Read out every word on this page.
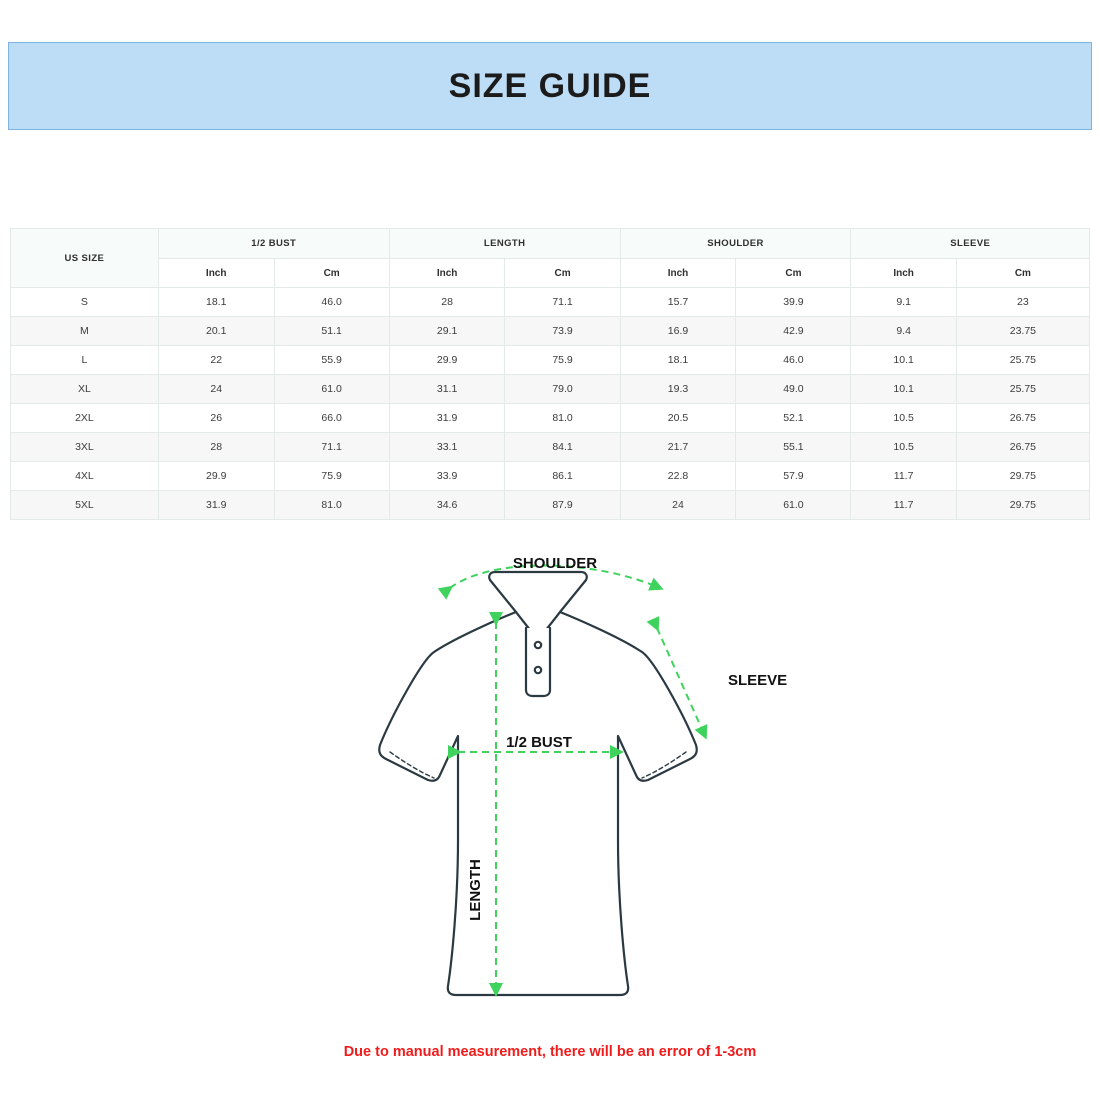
SIZE GUIDE
US SIZE	1/2 BUST		LENGTH		SHOULDER		SLEEVE	
	Inch	Cm	Inch	Cm	Inch	Cm	Inch	Cm
S	18.1	46.0	28	71.1	15.7	39.9	9.1	23
M	20.1	51.1	29.1	73.9	16.9	42.9	9.4	23.75
L	22	55.9	29.9	75.9	18.1	46.0	10.1	25.75
XL	24	61.0	31.1	79.0	19.3	49.0	10.1	25.75
2XL	26	66.0	31.9	81.0	20.5	52.1	10.5	26.75
3XL	28	71.1	33.1	84.1	21.7	55.1	10.5	26.75
4XL	29.9	75.9	33.9	86.1	22.8	57.9	11.7	29.75
5XL	31.9	81.0	34.6	87.9	24	61.0	11.7	29.75
SHOULDER
SLEEVE
1/2 BUST
LENGTH
Due to manual measurement, there will be an error of 1-3cm
